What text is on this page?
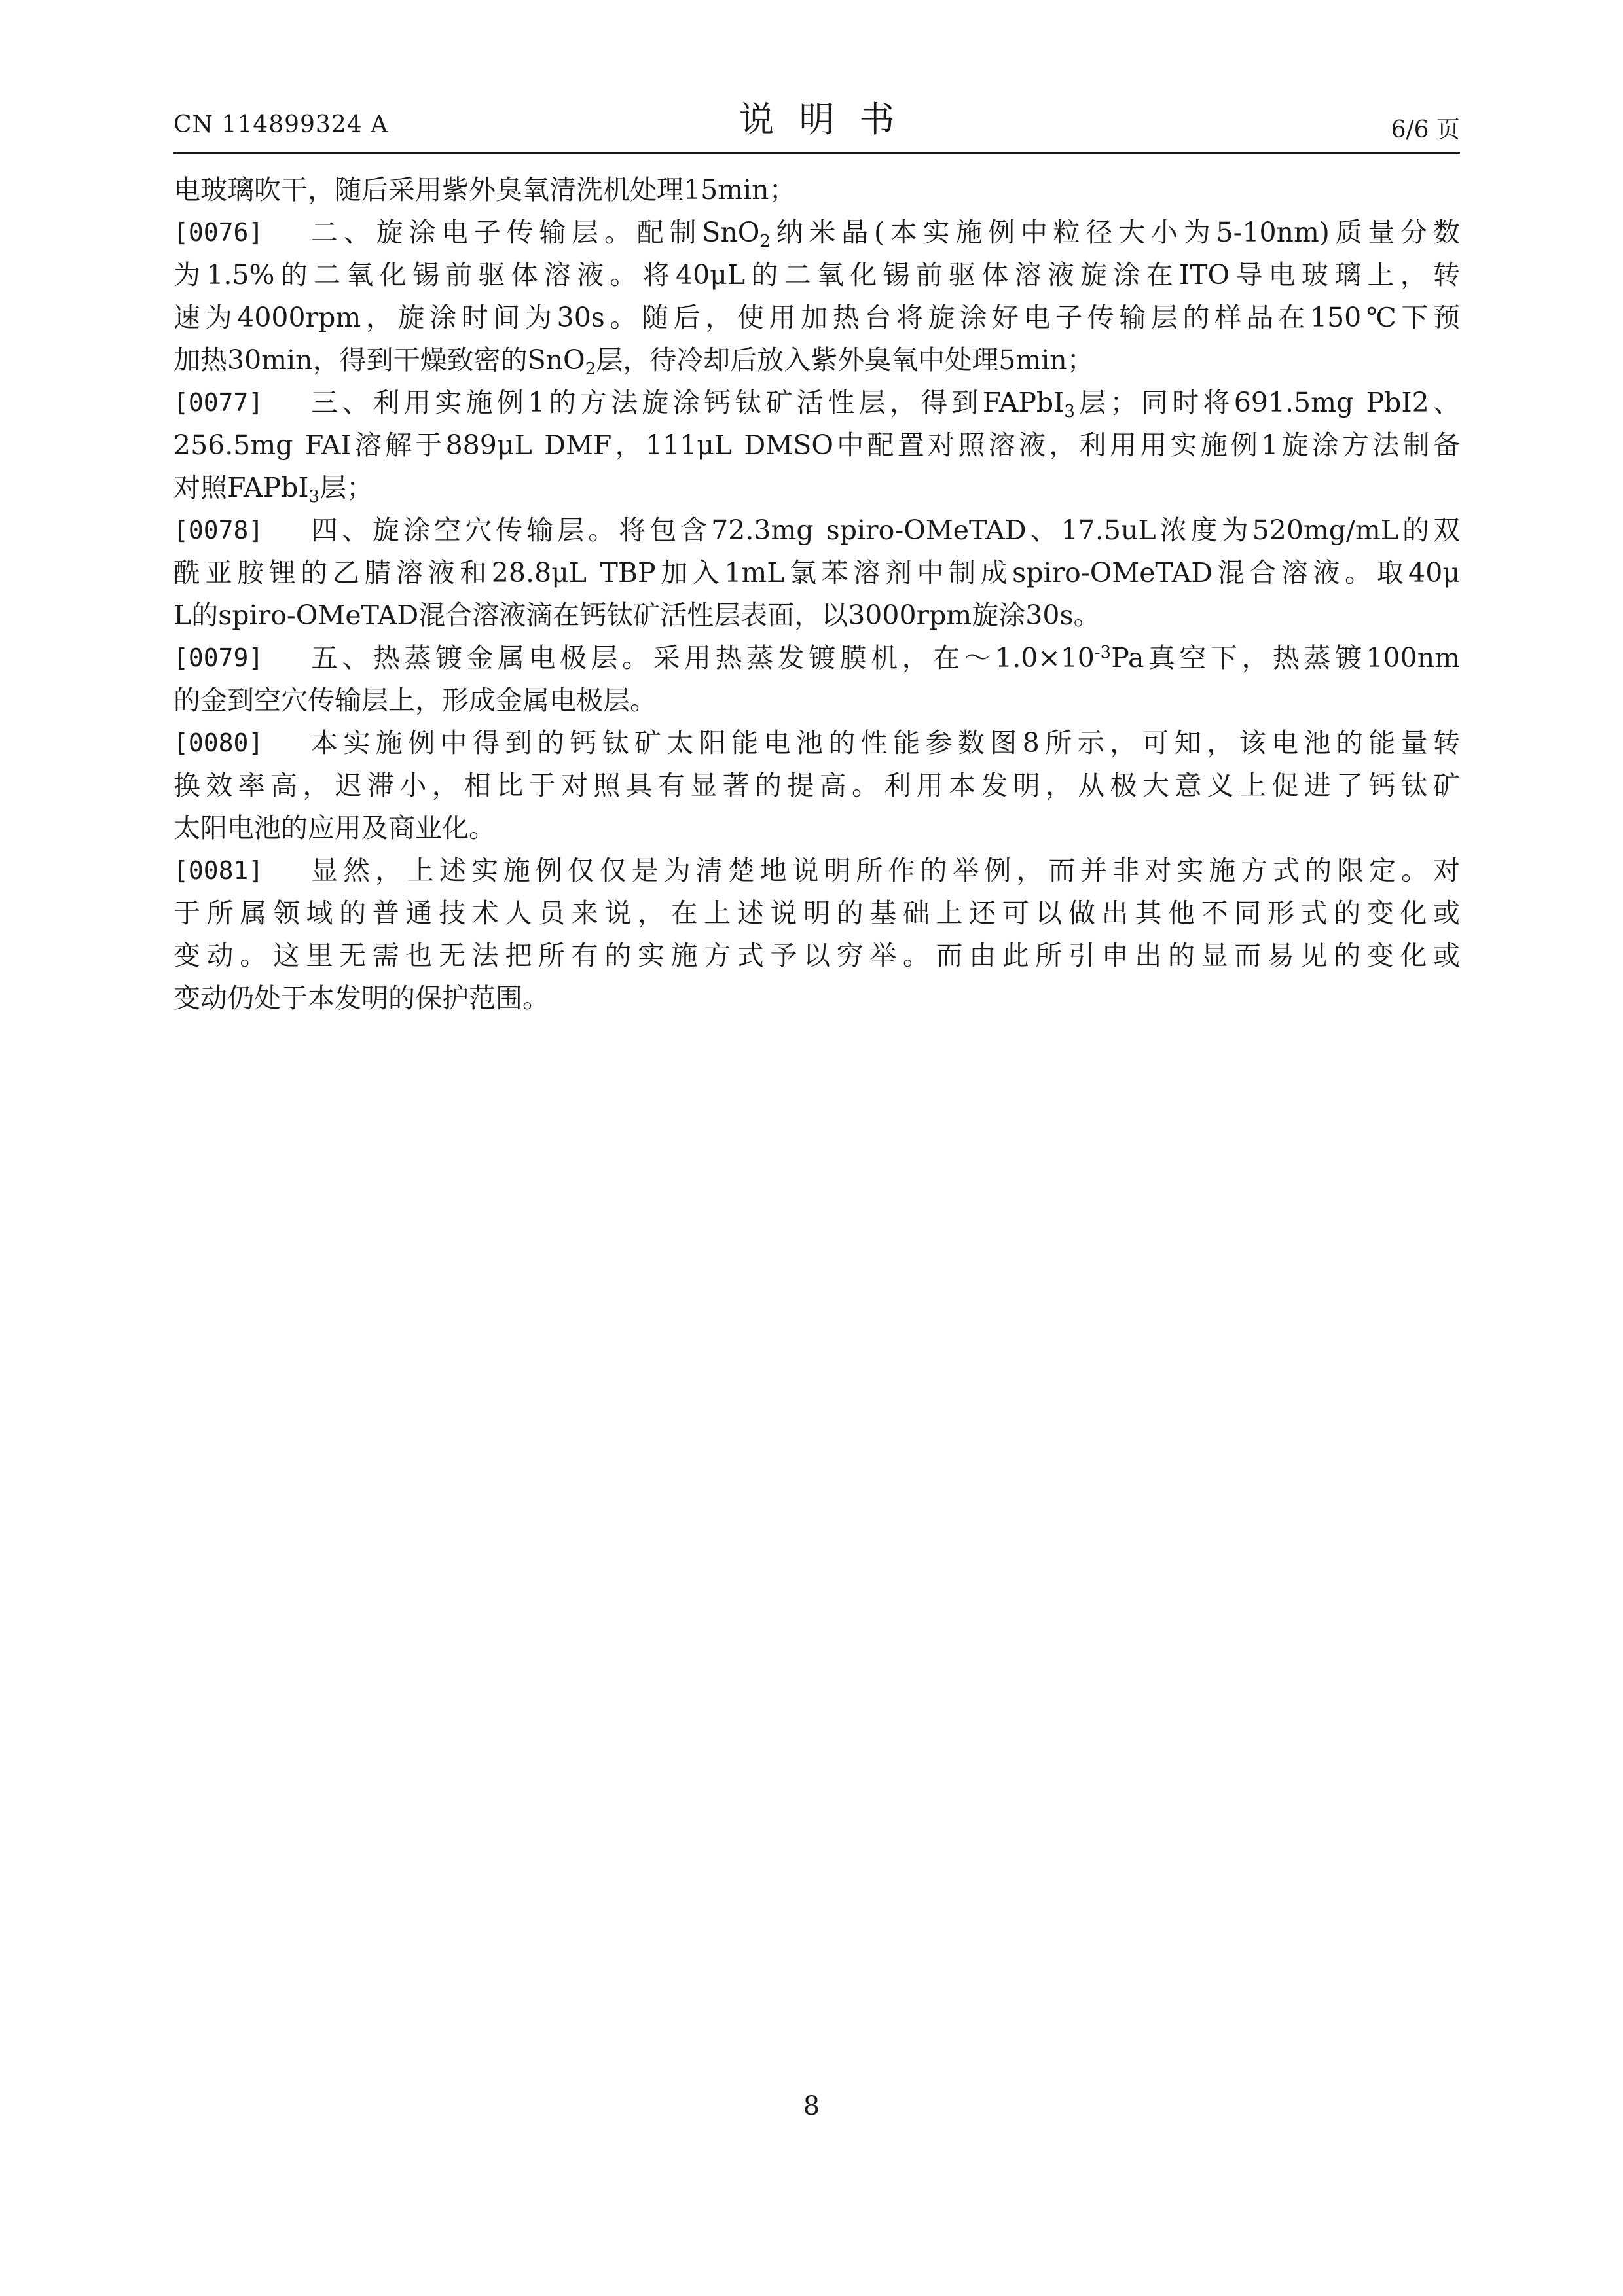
CN 114899324 A	说明书	6/6 页
电玻璃吹干，随后采用紫外臭氧清洗机处理15min；
[0076]	二、旋涂电子传输层。配制SnO$_2$纳米晶(本实施例中粒径大小为5-10nm)质量分数
为1.5%的二氧化锡前驱体溶液。将40μL的二氧化锡前驱体溶液旋涂在ITO导电玻璃上，转
速为4000rpm，旋涂时间为30s。随后，使用加热台将旋涂好电子传输层的样品在150℃下预
加热30min，得到干燥致密的SnO$_2$层，待冷却后放入紫外臭氧中处理5min；
[0077]	三、利用实施例1的方法旋涂钙钛矿活性层，得到FAPbI$_3$层；同时将691.5mg PbI2、
256.5mg FAI溶解于889μL DMF，111μL DMSO中配置对照溶液，利用用实施例1旋涂方法制备
对照FAPbI$_3$层；
[0078]	四、旋涂空穴传输层。将包含72.3mg spiro-OMeTAD、17.5uL浓度为520mg/mL的双
酰亚胺锂的乙腈溶液和28.8μL TBP加入1mL氯苯溶剂中制成spiro-OMeTAD混合溶液。取40μ
L的spiro-OMeTAD混合溶液滴在钙钛矿活性层表面，以3000rpm旋涂30s。
[0079]	五、热蒸镀金属电极层。采用热蒸发镀膜机，在$\sim 1.0\times 10^{-3}Pa$真空下，热蒸镀100nm
的金到空穴传输层上，形成金属电极层。
[0080]	本实施例中得到的钙钛矿太阳能电池的性能参数图8所示，可知，该电池的能量转
换效率高，迟滞小，相比于对照具有显著的提高。利用本发明，从极大意义上促进了钙钛矿
太阳电池的应用及商业化。
[0081]	显然，上述实施例仅仅是为清楚地说明所作的举例，而并非对实施方式的限定。对
于所属领域的普通技术人员来说，在上述说明的基础上还可以做出其他不同形式的变化或
变动。这里无需也无法把所有的实施方式予以穷举。而由此所引申出的显而易见的变化或
变动仍处于本发明的保护范围。
8
